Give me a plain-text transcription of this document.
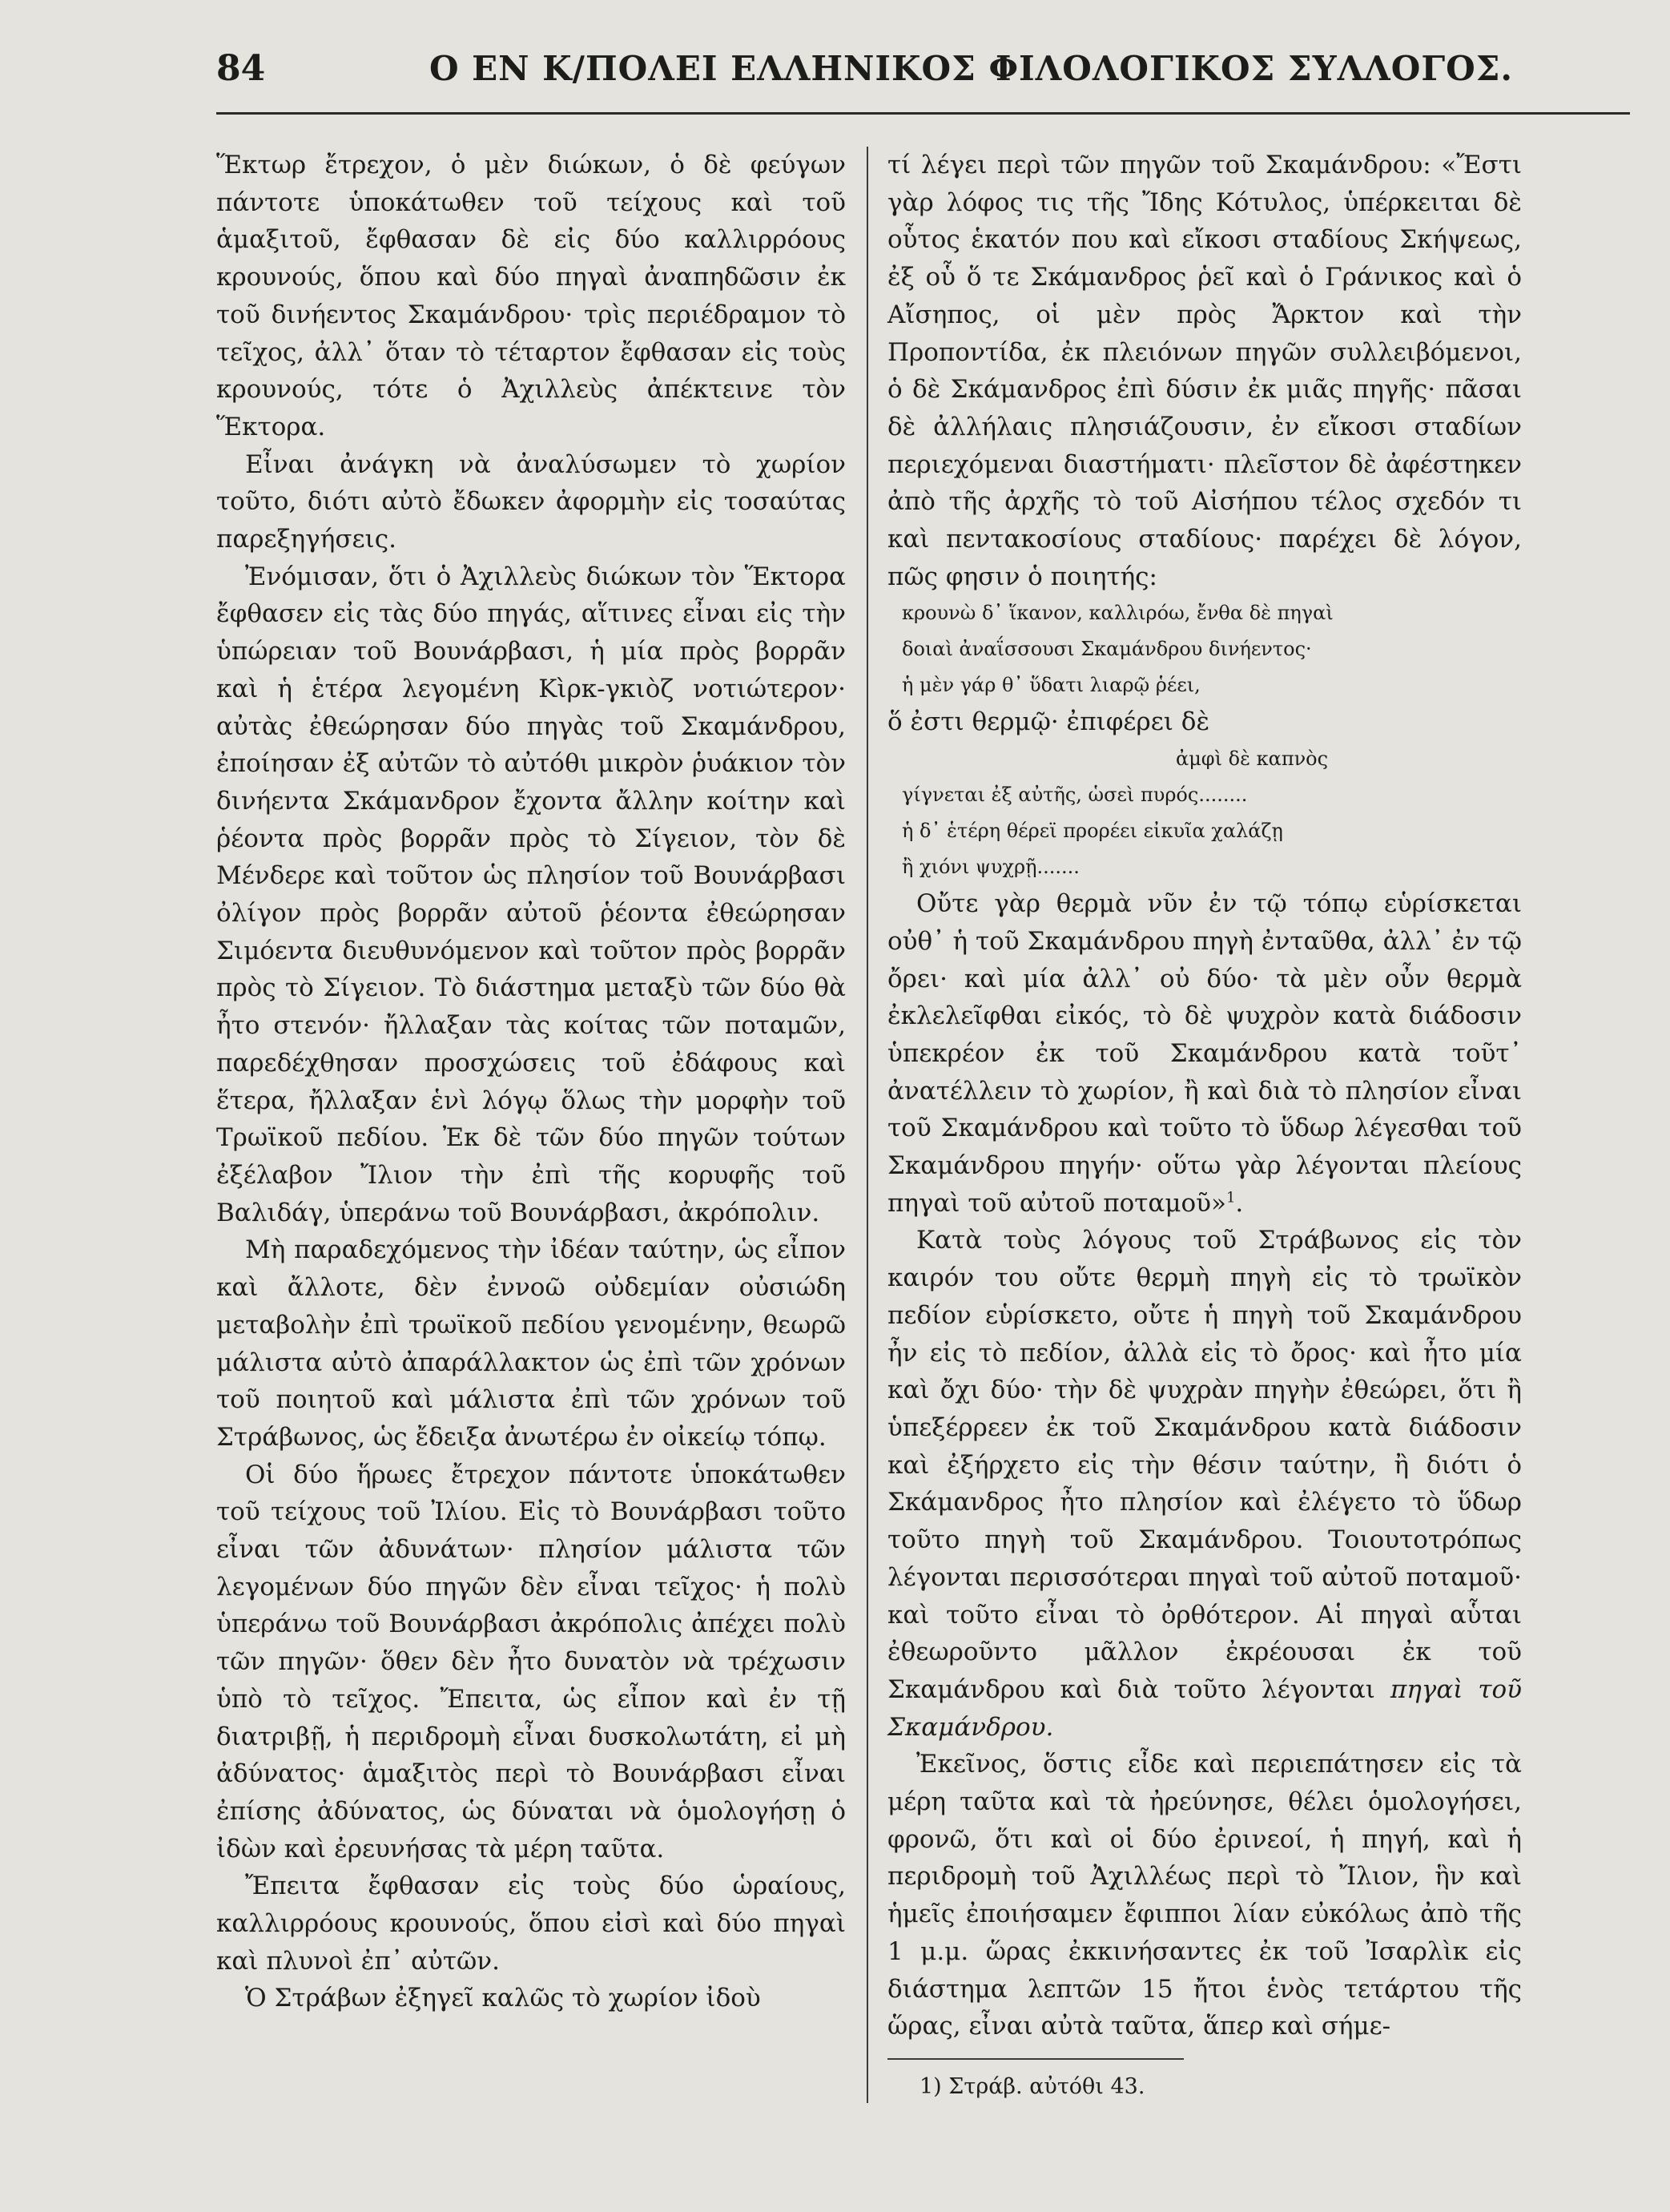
84	Ο ΕΝ Κ/ΠΟΛΕΙ ΕΛΛΗΝΙΚΟΣ ΦΙΛΟΛΟΓΙΚΟΣ ΣΥΛΛΟΓΟΣ.

Ἕκτωρ ἔτρεχον, ὁ μὲν διώκων, ὁ δὲ φεύγων πάντοτε ὑποκάτωθεν τοῦ τείχους καὶ τοῦ ἁμαξιτοῦ, ἔφθασαν δὲ εἰς δύο καλλιρρόους κρουνούς, ὅπου καὶ δύο πηγαὶ ἀναπηδῶσιν ἐκ τοῦ δινήεντος Σκαμάνδρου· τρὶς περιέδραμον τὸ τεῖχος, ἀλλ᾽ ὅταν τὸ τέταρτον ἔφθασαν εἰς τοὺς κρουνούς, τότε ὁ Ἀχιλλεὺς ἀπέκτεινε τὸν Ἕκτορα.

Εἶναι ἀνάγκη νὰ ἀναλύσωμεν τὸ χωρίον τοῦτο, διότι αὐτὸ ἔδωκεν ἀφορμὴν εἰς τοσαύτας παρεξηγήσεις.

Ἐνόμισαν, ὅτι ὁ Ἀχιλλεὺς διώκων τὸν Ἕκτορα ἔφθασεν εἰς τὰς δύο πηγάς, αἵτινες εἶναι εἰς τὴν ὑπώρειαν τοῦ Βουνάρβασι, ἡ μία πρὸς βορρᾶν καὶ ἡ ἑτέρα λεγομένη Κὶρκ-γκιὸζ νοτιώτερον· αὐτὰς ἐθεώρησαν δύο πηγὰς τοῦ Σκαμάνδρου, ἐποίησαν ἐξ αὐτῶν τὸ αὐτόθι μικρὸν ῥυάκιον τὸν δινήεντα Σκάμανδρον ἔχοντα ἄλλην κοίτην καὶ ῥέοντα πρὸς βορρᾶν πρὸς τὸ Σίγειον, τὸν δὲ Μένδερε καὶ τοῦτον ὡς πλησίον τοῦ Βουνάρβασι ὀλίγον πρὸς βορρᾶν αὐτοῦ ῥέοντα ἐθεώρησαν Σιμόεντα διευθυνόμενον καὶ τοῦτον πρὸς βορρᾶν πρὸς τὸ Σίγειον. Τὸ διάστημα μεταξὺ τῶν δύο θὰ ἦτο στενόν· ἤλλαξαν τὰς κοίτας τῶν ποταμῶν, παρεδέχθησαν προσχώσεις τοῦ ἐδάφους καὶ ἕτερα, ἤλλαξαν ἑνὶ λόγῳ ὅλως τὴν μορφὴν τοῦ Τρωϊκοῦ πεδίου. Ἐκ δὲ τῶν δύο πηγῶν τούτων ἐξέλαβον Ἴλιον τὴν ἐπὶ τῆς κορυφῆς τοῦ Βαλιδάγ, ὑπεράνω τοῦ Βουνάρβασι, ἀκρόπολιν.

Μὴ παραδεχόμενος τὴν ἰδέαν ταύτην, ὡς εἶπον καὶ ἄλλοτε, δὲν ἐννοῶ οὐδεμίαν οὐσιώδη μεταβολὴν ἐπὶ τρωϊκοῦ πεδίου γενομένην, θεωρῶ μάλιστα αὐτὸ ἀπαράλλακτον ὡς ἐπὶ τῶν χρόνων τοῦ ποιητοῦ καὶ μάλιστα ἐπὶ τῶν χρόνων τοῦ Στράβωνος, ὡς ἔδειξα ἀνωτέρω ἐν οἰκείῳ τόπῳ.

Οἱ δύο ἥρωες ἔτρεχον πάντοτε ὑποκάτωθεν τοῦ τείχους τοῦ Ἰλίου. Εἰς τὸ Βουνάρβασι τοῦτο εἶναι τῶν ἀδυνάτων· πλησίον μάλιστα τῶν λεγομένων δύο πηγῶν δὲν εἶναι τεῖχος· ἡ πολὺ ὑπεράνω τοῦ Βουνάρβασι ἀκρόπολις ἀπέχει πολὺ τῶν πηγῶν· ὅθεν δὲν ἦτο δυνατὸν νὰ τρέχωσιν ὑπὸ τὸ τεῖχος. Ἔπειτα, ὡς εἶπον καὶ ἐν τῇ διατριβῇ, ἡ περιδρομὴ εἶναι δυσκολωτάτη, εἰ μὴ ἀδύνατος· ἁμαξιτὸς περὶ τὸ Βουνάρβασι εἶναι ἐπίσης ἀδύνατος, ὡς δύναται νὰ ὁμολογήσῃ ὁ ἰδὼν καὶ ἐρευνήσας τὰ μέρη ταῦτα.

Ἔπειτα ἔφθασαν εἰς τοὺς δύο ὡραίους, καλλιρρόους κρουνούς, ὅπου εἰσὶ καὶ δύο πηγαὶ καὶ πλυνοὶ ἐπ᾽ αὐτῶν.

Ὁ Στράβων ἐξηγεῖ καλῶς τὸ χωρίον ἰδοὺ

τί λέγει περὶ τῶν πηγῶν τοῦ Σκαμάνδρου: «Ἔστι γὰρ λόφος τις τῆς Ἴδης Κότυλος, ὑπέρκειται δὲ οὗτος ἑκατόν που καὶ εἴκοσι σταδίους Σκήψεως, ἐξ οὗ ὅ τε Σκάμανδρος ῥεῖ καὶ ὁ Γράνικος καὶ ὁ Αἴσηπος, οἱ μὲν πρὸς Ἄρκτον καὶ τὴν Προποντίδα, ἐκ πλειόνων πηγῶν συλλειβόμενοι, ὁ δὲ Σκάμανδρος ἐπὶ δύσιν ἐκ μιᾶς πηγῆς· πᾶσαι δὲ ἀλλήλαις πλησιάζουσιν, ἐν εἴκοσι σταδίων περιεχόμεναι διαστήματι· πλεῖστον δὲ ἀφέστηκεν ἀπὸ τῆς ἀρχῆς τὸ τοῦ Αἰσήπου τέλος σχεδόν τι καὶ πεντακοσίους σταδίους· παρέχει δὲ λόγον, πῶς φησιν ὁ ποιητής:

κρουνὼ δ᾽ ἵκανον, καλλιρόω, ἔνθα δὲ πηγαὶ

δοιαὶ ἀναΐσσουσι Σκαμάνδρου δινήεντος·

ἡ μὲν γάρ θ᾽ ὕδατι λιαρῷ ῥέει,

ὅ ἐστι θερμῷ· ἐπιφέρει δὲ

ἀμφὶ δὲ καπνὸς

γίγνεται ἐξ αὐτῆς, ὡσεὶ πυρός........

ἡ δ᾽ ἑτέρη θέρεϊ προρέει εἰκυῖα χαλάζῃ

ἢ χιόνι ψυχρῇ.......

Οὔτε γὰρ θερμὰ νῦν ἐν τῷ τόπῳ εὑρίσκεται οὐθ᾽ ἡ τοῦ Σκαμάνδρου πηγὴ ἐνταῦθα, ἀλλ᾽ ἐν τῷ ὄρει· καὶ μία ἀλλ᾽ οὐ δύο· τὰ μὲν οὖν θερμὰ ἐκλελεῖφθαι εἰκός, τὸ δὲ ψυχρὸν κατὰ διάδοσιν ὑπεκρέον ἐκ τοῦ Σκαμάνδρου κατὰ τοῦτ᾽ ἀνατέλλειν τὸ χωρίον, ἢ καὶ διὰ τὸ πλησίον εἶναι τοῦ Σκαμάνδρου καὶ τοῦτο τὸ ὕδωρ λέγεσθαι τοῦ Σκαμάνδρου πηγήν· οὕτω γὰρ λέγονται πλείους πηγαὶ τοῦ αὐτοῦ ποταμοῦ»$^1$.

Κατὰ τοὺς λόγους τοῦ Στράβωνος εἰς τὸν καιρόν του οὔτε θερμὴ πηγὴ εἰς τὸ τρωϊκὸν πεδίον εὑρίσκετο, οὔτε ἡ πηγὴ τοῦ Σκαμάνδρου ἦν εἰς τὸ πεδίον, ἀλλὰ εἰς τὸ ὄρος· καὶ ἦτο μία καὶ ὄχι δύο· τὴν δὲ ψυχρὰν πηγὴν ἐθεώρει, ὅτι ἢ ὑπεξέρρεεν ἐκ τοῦ Σκαμάνδρου κατὰ διάδοσιν καὶ ἐξήρχετο εἰς τὴν θέσιν ταύτην, ἢ διότι ὁ Σκάμανδρος ἦτο πλησίον καὶ ἐλέγετο τὸ ὕδωρ τοῦτο πηγὴ τοῦ Σκαμάνδρου. Τοιουτοτρόπως λέγονται περισσότεραι πηγαὶ τοῦ αὐτοῦ ποταμοῦ· καὶ τοῦτο εἶναι τὸ ὀρθότερον. Αἱ πηγαὶ αὗται ἐθεωροῦντο μᾶλλον ἐκρέουσαι ἐκ τοῦ Σκαμάνδρου καὶ διὰ τοῦτο λέγονται πηγαὶ τοῦ Σκαμάνδρου.

Ἐκεῖνος, ὅστις εἶδε καὶ περιεπάτησεν εἰς τὰ μέρη ταῦτα καὶ τὰ ἠρεύνησε, θέλει ὁμολογήσει, φρονῶ, ὅτι καὶ οἱ δύο ἐρινεοί, ἡ πηγή, καὶ ἡ περιδρομὴ τοῦ Ἀχιλλέως περὶ τὸ Ἴλιον, ἣν καὶ ἡμεῖς ἐποιήσαμεν ἔφιπποι λίαν εὐκόλως ἀπὸ τῆς 1 μ.μ. ὥρας ἐκκινήσαντες ἐκ τοῦ Ἰσαρλὶκ εἰς διάστημα λεπτῶν 15 ἤτοι ἑνὸς τετάρτου τῆς ὥρας, εἶναι αὐτὰ ταῦτα, ἅπερ καὶ σήμε-

1) Στράβ. αὐτόθι 43.
